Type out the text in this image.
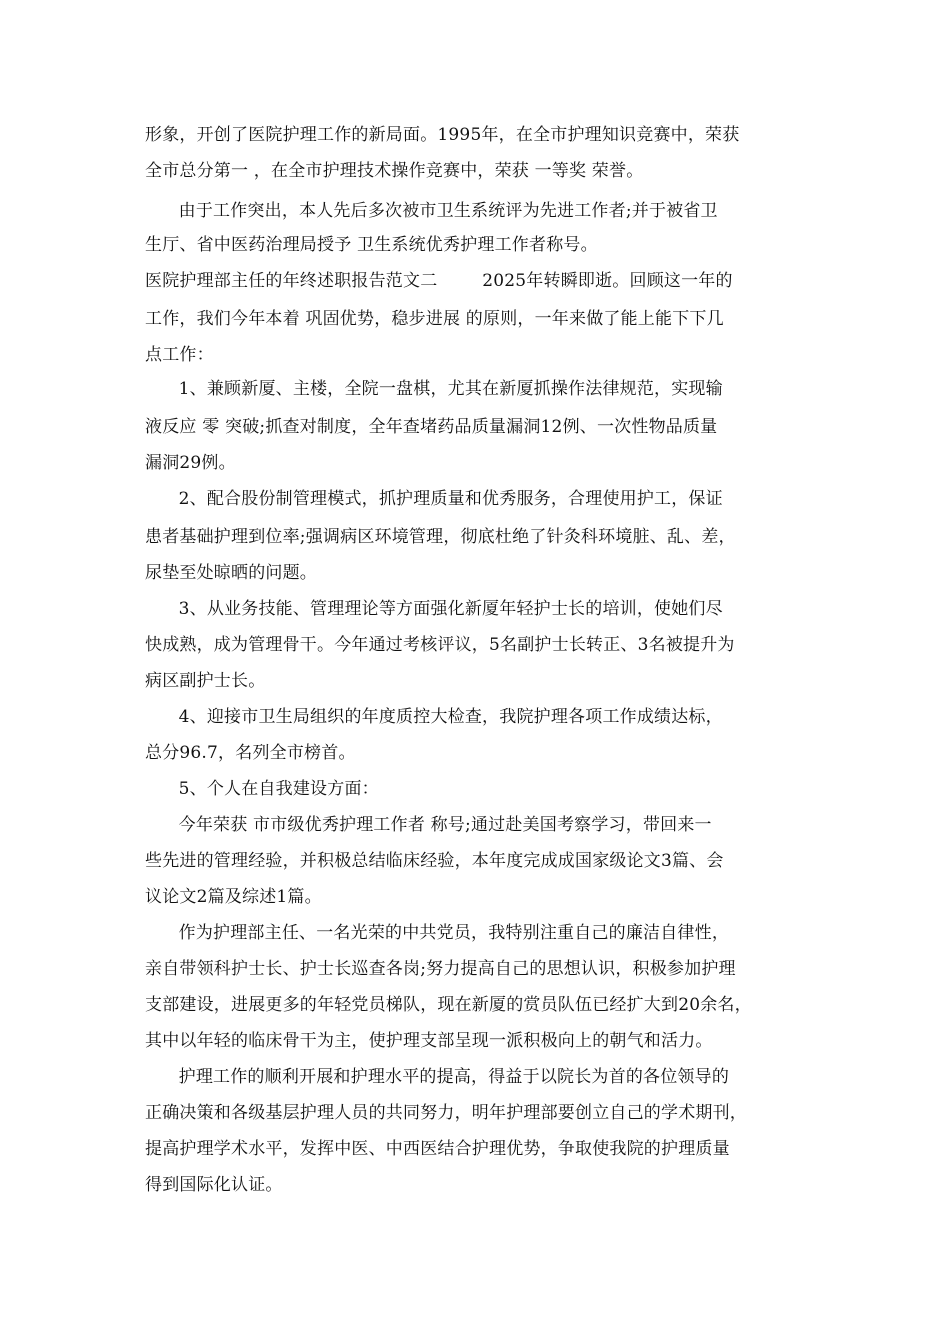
形象，开创了医院护理工作的新局面。1995年，在全市护理知识竞赛中，荣获
全市总分第一 ，在全市护理技术操作竞赛中，荣获 一等奖 荣誉。
由于工作突出，本人先后多次被市卫生系统评为先进工作者;并于被省卫
生厅、省中医药治理局授予 卫生系统优秀护理工作者称号。
医院护理部主任的年终述职报告范文二        2025年转瞬即逝。回顾这一年的
工作，我们今年本着 巩固优势，稳步进展 的原则，一年来做了能上能下下几
点工作：
1、兼顾新厦、主楼，全院一盘棋，尤其在新厦抓操作法律规范，实现输
液反应 零 突破;抓查对制度，全年查堵药品质量漏洞12例、一次性物品质量
漏洞29例。
2、配合股份制管理模式，抓护理质量和优秀服务，合理使用护工，保证
患者基础护理到位率;强调病区环境管理，彻底杜绝了针灸科环境脏、乱、差，
尿垫至处晾晒的问题。
3、从业务技能、管理理论等方面强化新厦年轻护士长的培训，使她们尽
快成熟，成为管理骨干。今年通过考核评议，5名副护士长转正、3名被提升为
病区副护士长。
4、迎接市卫生局组织的年度质控大检查，我院护理各项工作成绩达标，
总分96.7，名列全市榜首。
5、个人在自我建设方面：
今年荣获 市市级优秀护理工作者 称号;通过赴美国考察学习，带回来一
些先进的管理经验，并积极总结临床经验，本年度完成成国家级论文3篇、会
议论文2篇及综述1篇。
作为护理部主任、一名光荣的中共党员，我特别注重自己的廉洁自律性，
亲自带领科护士长、护士长巡查各岗;努力提高自己的思想认识，积极参加护理
支部建设，进展更多的年轻党员梯队，现在新厦的赏员队伍已经扩大到20余名，
其中以年轻的临床骨干为主，使护理支部呈现一派积极向上的朝气和活力。
护理工作的顺利开展和护理水平的提高，得益于以院长为首的各位领导的
正确决策和各级基层护理人员的共同努力，明年护理部要创立自己的学术期刊，
提高护理学术水平，发挥中医、中西医结合护理优势，争取使我院的护理质量
得到国际化认证。
